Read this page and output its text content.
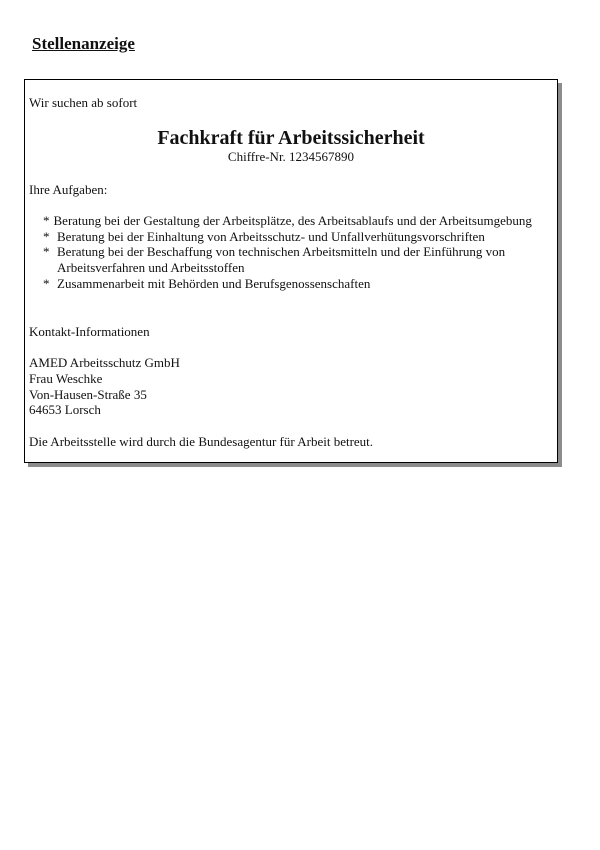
Stellenanzeige
Wir suchen ab sofort
Fachkraft für Arbeitssicherheit
Chiffre-Nr. 1234567890
Ihre Aufgaben:
* Beratung bei der Gestaltung der Arbeitsplätze, des Arbeitsablaufs und der Arbeitsumgebung
* Beratung bei der Einhaltung von Arbeitsschutz- und Unfallverhütungsvorschriften
* Beratung bei der Beschaffung von technischen Arbeitsmitteln und der Einführung von Arbeitsverfahren und Arbeitsstoffen
* Zusammenarbeit mit Behörden und Berufsgenossenschaften
Kontakt-Informationen
AMED Arbeitsschutz GmbH
Frau Weschke
Von-Hausen-Straße 35
64653 Lorsch
Die Arbeitsstelle wird durch die Bundesagentur für Arbeit betreut.
